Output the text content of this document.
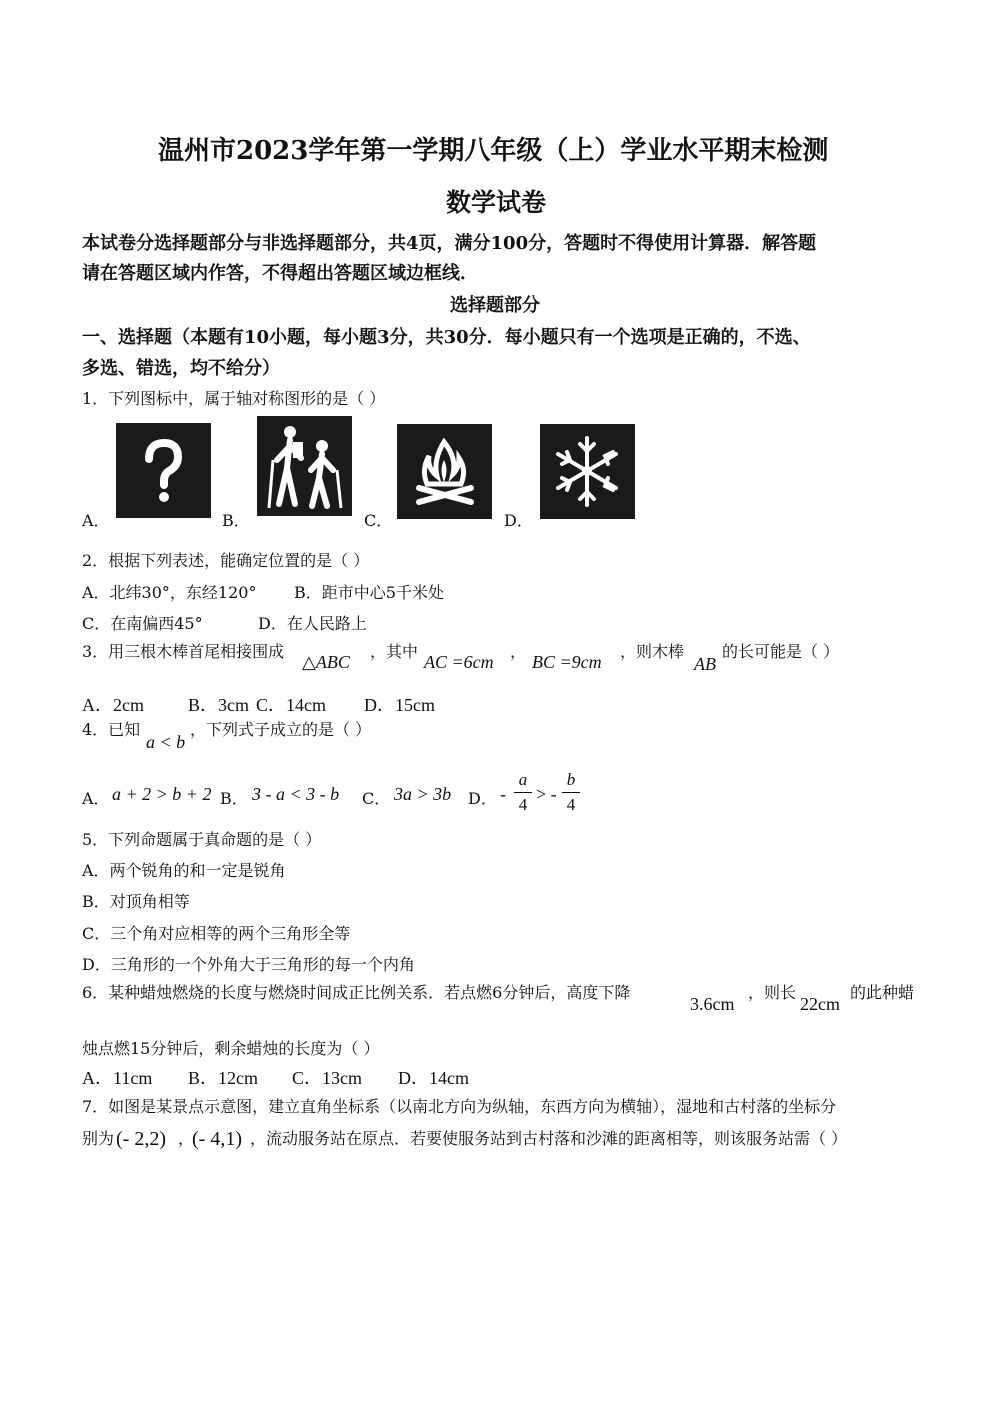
温州市2023学年第一学期八年级（上）学业水平期末检测
数学试卷
本试卷分选择题部分与非选择题部分，共4页，满分100分，答题时不得使用计算器．解答题
请在答题区域内作答，不得超出答题区域边框线．
选择题部分
一、选择题（本题有10小题，每小题3分，共30分．每小题只有一个选项是正确的，不选、
多选、错选，均不给分）
1．下列图标中，属于轴对称图形的是（ ）
A．	B．	C．	D．
2．根据下列表述，能确定位置的是（ ）
A．北纬30°，东经120° B．距市中心5千米处
C．在南偏西45°	D．在人民路上
3．用三根木棒首尾相接围成
△ABC
，其中
AC =6cm
，
BC =9cm
，则木棒
AB
的长可能是（ ）
A．2cm B．3cm C．14cm D．15cm
4．已知
a < b
，下列式子成立的是（ ）
A． a + 2 > b + 2 B． 3 - a < 3 - b C． 3a > 3b D． -
a
4
> -
b
4
5．下列命题属于真命题的是（ ）
A．两个锐角的和一定是锐角
B．对顶角相等
C．三个角对应相等的两个三角形全等
D．三角形的一个外角大于三角形的每一个内角
6．某种蜡烛燃烧的长度与燃烧时间成正比例关系．若点燃6分钟后，高度下降
3.6cm
，则长
22cm
的此种蜡
烛点燃15分钟后，剩余蜡烛的长度为（ ）
A．11cm B．12cm C．13cm D．14cm
7．如图是某景点示意图，建立直角坐标系（以南北方向为纵轴，东西方向为横轴），湿地和古村落的坐标分
别为 (- 2,2) ，
(- 4,1) ，流动服务站在原点．若要使服务站到古村落和沙滩的距离相等，则该服务站需（ ）
